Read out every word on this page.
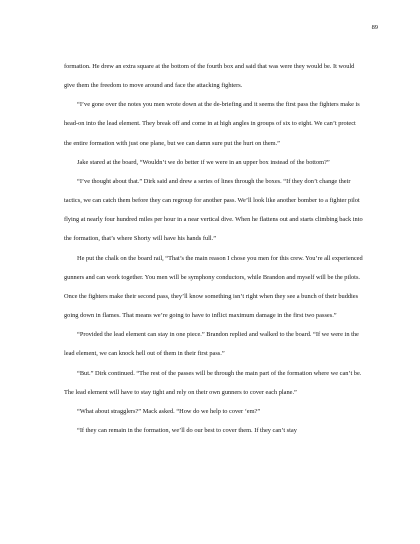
89

formation. He drew an extra square at the bottom of the fourth box and said that was were they would be. It would give them the freedom to move around and face the attacking fighters.

“I’ve gone over the notes you men wrote down at the de-briefing and it seems the first pass the fighters make is head-on into the lead element. They break off and come in at high angles in groups of six to eight. We can’t protect the entire formation with just one plane, but we can damn sure put the hurt on them.”

Jake stared at the board, “Wouldn’t we do better if we were in an upper box instead of the bottom?”

“I’ve thought about that.” Dirk said and drew a series of lines through the boxes. “If they don’t change their tactics, we can catch them before they can regroup for another pass. We’ll look like another bomber to a fighter pilot flying at nearly four hundred miles per hour in a near vertical dive. When he flattens out and starts climbing back into the formation, that’s where Shorty will have his hands full.”

He put the chalk on the board rail, “That’s the main reason I chose you men for this crew. You’re all experienced gunners and can work together. You men will be symphony conductors, while Brandon and myself will be the pilots. Once the fighters make their second pass, they’ll know something isn’t right when they see a bunch of their buddies going down in flames. That means we’re going to have to inflict maximum damage in the first two passes.”

“Provided the lead element can stay in one piece.” Brandon replied and walked to the board. “If we were in the lead element, we can knock hell out of them in their first pass.”

“But.” Dirk continued. “The rest of the passes will be through the main part of the formation where we can’t be. The lead element will have to stay tight and rely on their own gunners to cover each plane.”

“What about stragglers?” Mack asked. “How do we help to cover ‘em?”

“If they can remain in the formation, we’ll do our best to cover them. If they can’t stay
